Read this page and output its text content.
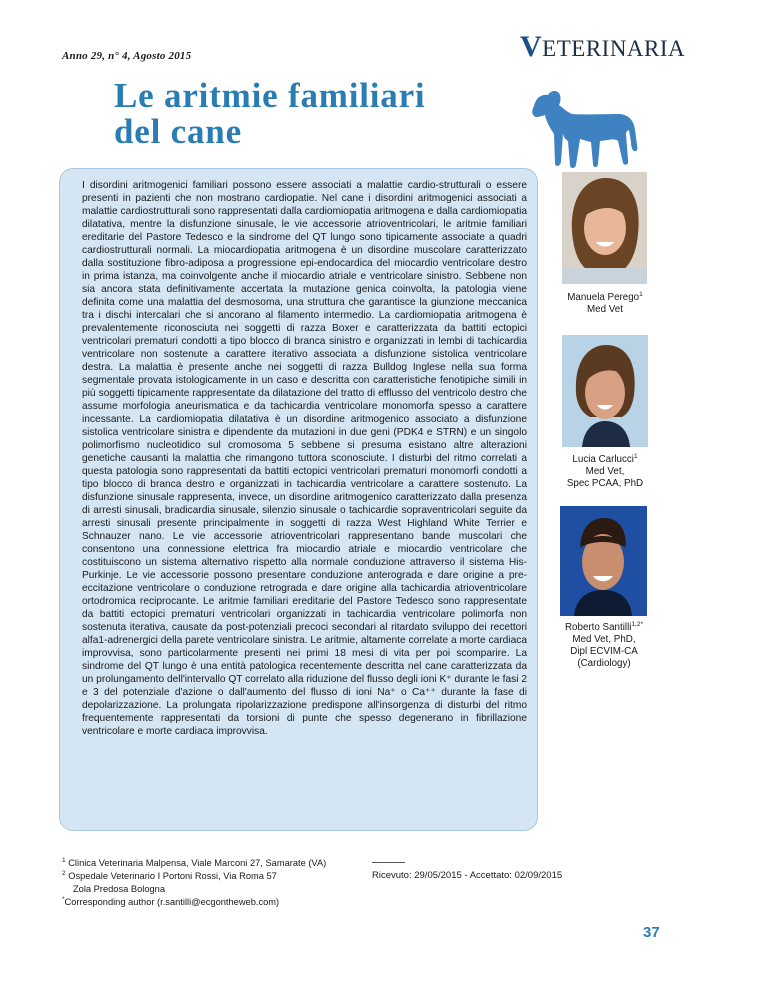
Anno 29, n° 4, Agosto 2015	VETERINARIA
Le aritmie familiari
del cane

I disordini aritmogenici familiari possono essere associati a malattie cardio-strutturali o essere presenti in pazienti che non mostrano cardiopatie. Nel cane i disordini aritmogenici associati a malattie cardiostrutturali sono rappresentati dalla cardiomiopatia aritmogena e dalla cardiomiopatia dilatativa, mentre la disfunzione sinusale, le vie accessorie atrioventricolari, le aritmie familiari ereditarie del Pastore Tedesco e la sindrome del QT lungo sono tipicamente associate a quadri cardiostrutturali normali. La miocardiopatia aritmogena è un disordine muscolare caratterizzato dalla sostituzione fibro-adiposa a progressione epi-endocardica del miocardio ventricolare destro in prima istanza, ma coinvolgente anche il miocardio atriale e ventricolare sinistro. Sebbene non sia ancora stata definitivamente accertata la mutazione genica coinvolta, la patologia viene definita come una malattia del desmosoma, una struttura che garantisce la giunzione meccanica tra i dischi intercalari che si ancorano al filamento intermedio. La cardiomiopatia aritmogena è prevalentemente riconosciuta nei soggetti di razza Boxer e caratterizzata da battiti ectopici ventricolari prematuri condotti a tipo blocco di branca sinistro e organizzati in lembi di tachicardia ventricolare non sostenute a carattere iterativo associata a disfunzione sistolica ventricolare destra. La malattia è presente anche nei soggetti di razza Bulldog Inglese nella sua forma segmentale provata istologicamente in un caso e descritta con caratteristiche fenotipiche simili in più soggetti tipicamente rappresentate da dilatazione del tratto di efflusso del ventricolo destro che assume morfologia aneurismatica e da tachicardia ventricolare monomorfa spesso a carattere incessante. La cardiomiopatia dilatativa è un disordine aritmogenico associato a disfunzione sistolica ventricolare sinistra e dipendente da mutazioni in due geni (PDK4 e STRN) e un singolo polimorfismo nucleotidico sul cromosoma 5 sebbene si presuma esistano altre alterazioni genetiche causanti la malattia che rimangono tuttora sconosciute. I disturbi del ritmo correlati a questa patologia sono rappresentati da battiti ectopici ventricolari prematuri monomorfi condotti a tipo blocco di branca destro e organizzati in tachicardia ventricolare a carattere sostenuto. La disfunzione sinusale rappresenta, invece, un disordine aritmogenico caratterizzato dalla presenza di arresti sinusali, bradicardia sinusale, silenzio sinusale o tachicardie sopraventricolari seguite da arresti sinusali presente principalmente in soggetti di razza West Highland White Terrier e Schnauzer nano. Le vie accessorie atrioventricolari rappresentano bande muscolari che consentono una connessione elettrica fra miocardio atriale e miocardio ventricolare che costituiscono un sistema alternativo rispetto alla normale conduzione attraverso il sistema His-Purkinje. Le vie accessorie possono presentare conduzione anterograda e dare origine a pre-eccitazione ventricolare o conduzione retrograda e dare origine alla tachicardia atrioventricolare ortodromica reciprocante. Le aritmie familiari ereditarie del Pastore Tedesco sono rappresentate da battiti ectopici prematuri ventricolari organizzati in tachicardia ventricolare polimorfa non sostenuta iterativa, causate da post-potenziali precoci secondari al ritardato sviluppo dei recettori alfa1-adrenergici della parete ventricolare sinistra. Le aritmie, altamente correlate a morte cardiaca improvvisa, sono particolarmente presenti nei primi 18 mesi di vita per poi scomparire. La sindrome del QT lungo è una entità patologica recentemente descritta nel cane caratterizzata da un prolungamento dell'intervallo QT correlato alla riduzione del flusso degli ioni K⁺ durante le fasi 2 e 3 del potenziale d'azione o dall'aumento del flusso di ioni Na⁺ o Ca⁺⁺ durante la fase di depolarizzazione. La prolungata ripolarizzazione predispone all'insorgenza di disturbi del ritmo frequentemente rappresentati da torsioni di punte che spesso degenerano in fibrillazione ventricolare e morte cardiaca improvvisa.

Manuela Perego$^1$
Med Vet
Lucia Carlucci$^1$
Med Vet,
Spec PCAA, PhD
Roberto Santilli$^{1,2*}$
Med Vet, PhD,
Dipl ECVIM-CA
(Cardiology)
$^1$ Clinica Veterinaria Malpensa, Viale Marconi 27, Samarate (VA)
$^2$ Ospedale Veterinario I Portoni Rossi, Via Roma 57
Zola Predosa Bologna
*Corresponding author (r.santilli@ecgontheweb.com)
Ricevuto: 29/05/2015 - Accettato: 02/09/2015
37
